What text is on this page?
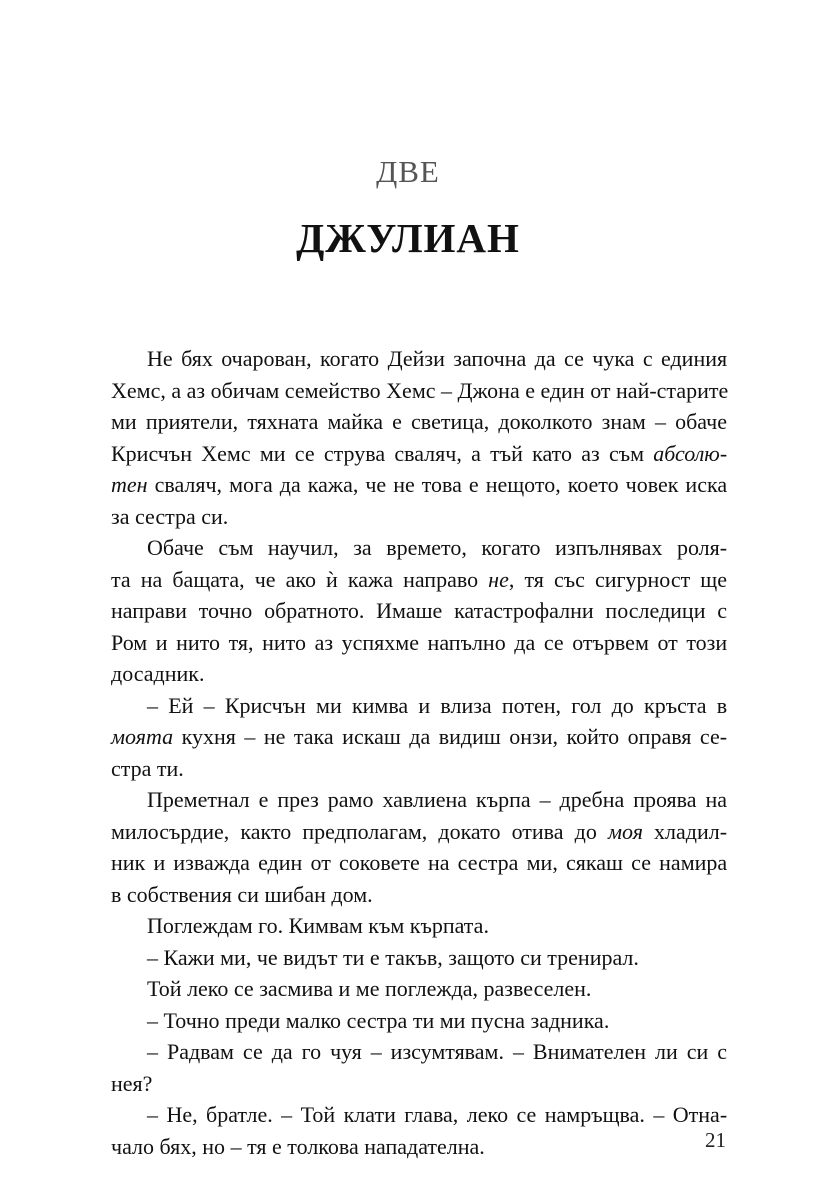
ДВЕ
ДЖУЛИАН
Не бях очарован, когато Дейзи започна да се чука с единия
Хемс, а аз обичам семейство Хемс – Джона е един от най-старите
ми приятели, тяхната майка е светица, доколкото знам – обаче
Крисчън Хемс ми се струва сваляч, а тъй като аз съм абсолю-
тен сваляч, мога да кажа, че не това е нещото, което човек иска
за сестра си.
Обаче съм научил, за времето, когато изпълнявах роля-
та на бащата, че ако ѝ кажа направо не, тя със сигурност ще
направи точно обратното. Имаше катастрофални последици с
Ром и нито тя, нито аз успяхме напълно да се отървем от този
досадник.
– Ей – Крисчън ми кимва и влиза потен, гол до кръста в
моята кухня – не така искаш да видиш онзи, който оправя се-
стра ти.
Преметнал е през рамо хавлиена кърпа – дребна проява на
милосърдие, както предполагам, докато отива до моя хладил-
ник и изважда един от соковете на сестра ми, сякаш се намира
в собствения си шибан дом.
Поглеждам го. Кимвам към кърпата.
– Кажи ми, че видът ти е такъв, защото си тренирал.
Той леко се засмива и ме поглежда, развеселен.
– Точно преди малко сестра ти ми пусна задника.
– Радвам се да го чуя – изсумтявам. – Внимателен ли си с
нея?
– Не, братле. – Той клати глава, леко се намръщва. – Отна-
чало бях, но – тя е толкова нападателна.	21
